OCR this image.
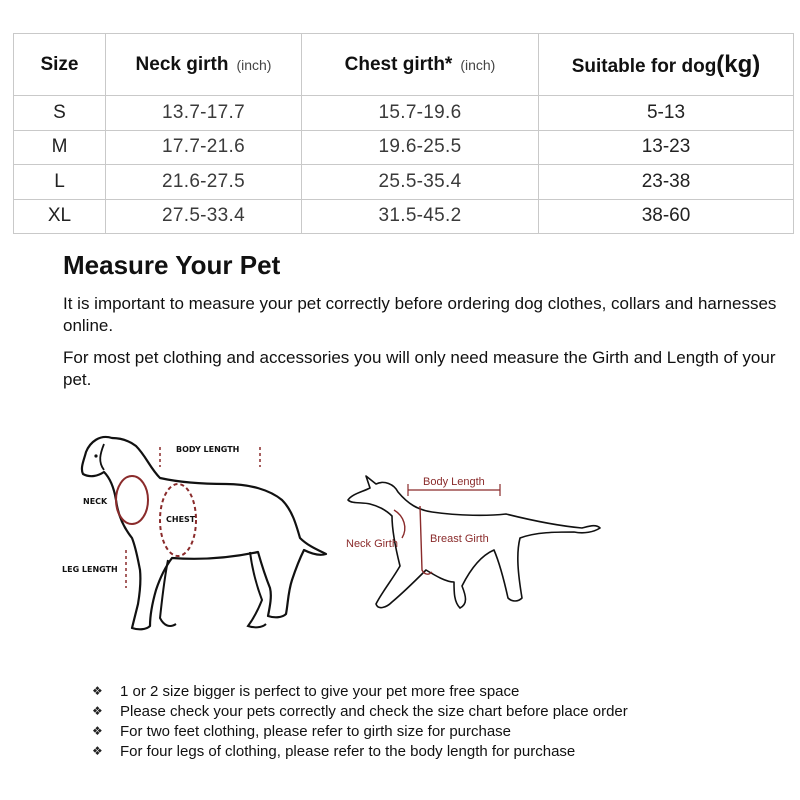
Size	Neck girth (inch)	Chest girth* (inch)	Suitable for dog(kg)
S	13.7-17.7	15.7-19.6	5-13
M	17.7-21.6	19.6-25.5	13-23
L	21.6-27.5	25.5-35.4	23-38
XL	27.5-33.4	31.5-45.2	38-60
Measure Your Pet

It is important to measure your pet correctly before ordering dog clothes, collars and harnesses online.

For most pet clothing and accessories you will only need measure the Girth and Length of your pet.

BODY LENGTH
NECK
CHEST
LEG LENGTH
Body Length
Neck Girth	Breast Girth
❖	1 or 2 size bigger is perfect to give your pet more free space
❖	Please check your pets correctly and check the size chart before place order
❖	For two feet clothing, please refer to girth size for purchase
❖	For four legs of clothing, please refer to the body length for purchase
